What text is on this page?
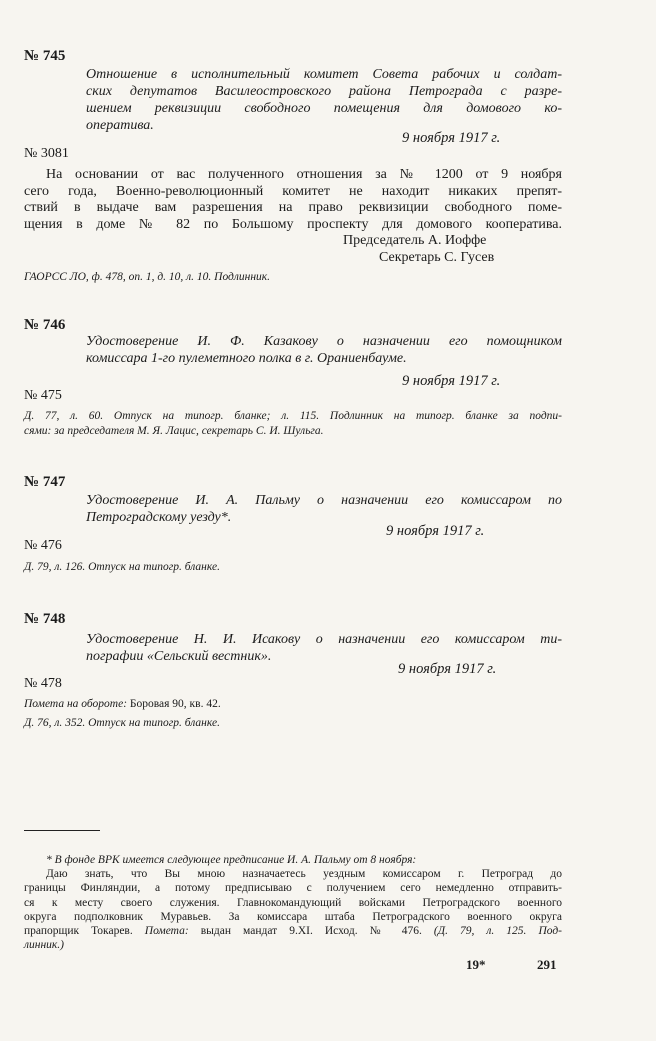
№ 745
Отношение в исполнительный комитет Совета рабочих и солдат-
ских депутатов Василеостровского района Петрограда с разре-
шением реквизиции свободного помещения для домового ко-
оператива.
9 ноября 1917 г.
№ 3081
На основании от вас полученного отношения за № 1200 от 9 ноября
сего года, Военно-революционный комитет не находит никаких препят-
ствий в выдаче вам разрешения на право реквизиции свободного поме-
щения в доме № 82 по Большому проспекту для домового кооператива.
Председатель А. Иоффе
Секретарь С. Гусев
ГАОРСС ЛО, ф. 478, оп. 1, д. 10, л. 10. Подлинник.
№ 746
Удостоверение И. Ф. Казакову о назначении его помощником
комиссара 1-го пулеметного полка в г. Ораниенбауме.
9 ноября 1917 г.
№ 475
Д. 77, л. 60. Отпуск на типогр. бланке; л. 115. Подлинник на типогр. бланке за подпи-
сями: за председателя М. Я. Лацис, секретарь С. И. Шульга.
№ 747
Удостоверение И. А. Пальму о назначении его комиссаром по
Петроградскому уезду*.
9 ноября 1917 г.
№ 476
Д. 79, л. 126. Отпуск на типогр. бланке.
№ 748
Удостоверение Н. И. Исакову о назначении его комиссаром ти-
пографии «Сельский вестник».
9 ноября 1917 г.
№ 478
Помета на обороте: Боровая 90, кв. 42.
Д. 76, л. 352. Отпуск на типогр. бланке.
* В фонде ВРК имеется следующее предписание И. А. Пальму от 8 ноября:
Даю знать, что Вы мною назначаетесь уездным комиссаром г. Петроград до
границы Финляндии, а потому предписываю с получением сего немедленно отправить-
ся к месту своего служения. Главнокомандующий войсками Петроградского военного
округа подполковник Муравьев. За комиссара штаба Петроградского военного округа
прапорщик Токарев. Помета: выдан мандат 9.XI. Исход. № 476. (Д. 79, л. 125. Под-
линник.)
19*	291
